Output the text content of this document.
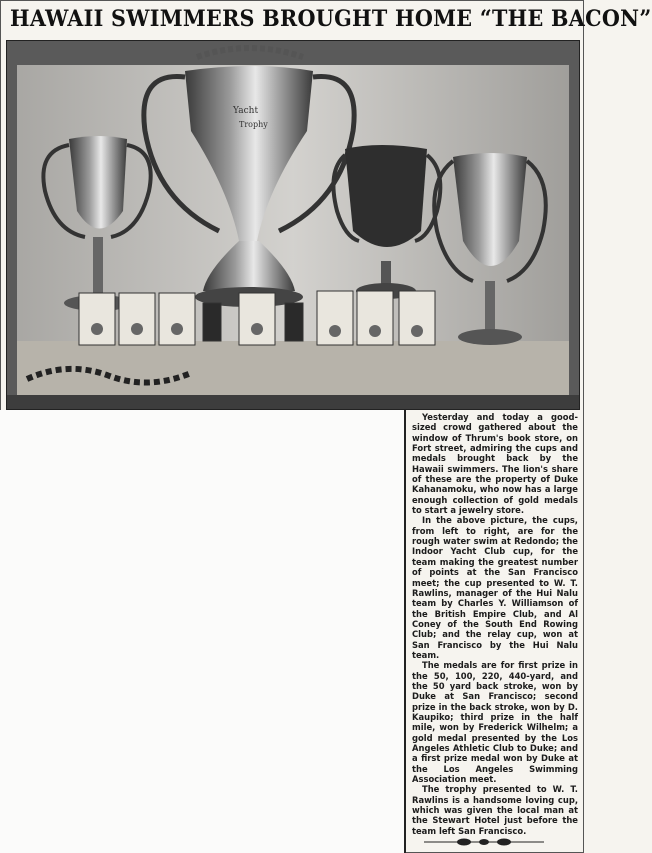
HAWAII SWIMMERS BROUGHT HOME “THE BACON”
Yacht
Trophy

Yesterday and today a good-sized crowd gathered about the window of Thrum's book store, on Fort street, admiring the cups and medals brought back by the Hawaii swimmers. The lion's share of these are the property of Duke Kahanamoku, who now has a large enough collection of gold medals to start a jewelry store.

In the above picture, the cups, from left to right, are for the rough water swim at Redondo; the Indoor Yacht Club cup, for the team making the greatest number of points at the San Francisco meet; the cup presented to W. T. Rawlins, manager of the Hui Nalu team by Charles Y. Williamson of the British Empire Club, and Al Coney of the South End Rowing Club; and the relay cup, won at San Francisco by the Hui Nalu team.

The medals are for first prize in the 50, 100, 220, 440-yard, and the 50 yard back stroke, won by Duke at San Francisco; second prize in the back stroke, won by D. Kaupiko; third prize in the half mile, won by Frederick Wilhelm; a gold medal presented by the Los Angeles Athletic Club to Duke; and a first prize medal won by Duke at the Los Angeles Swimming Association meet.

The trophy presented to W. T. Rawlins is a handsome loving cup, which was given the local man at the Stewart Hotel just before the team left San Francisco.
